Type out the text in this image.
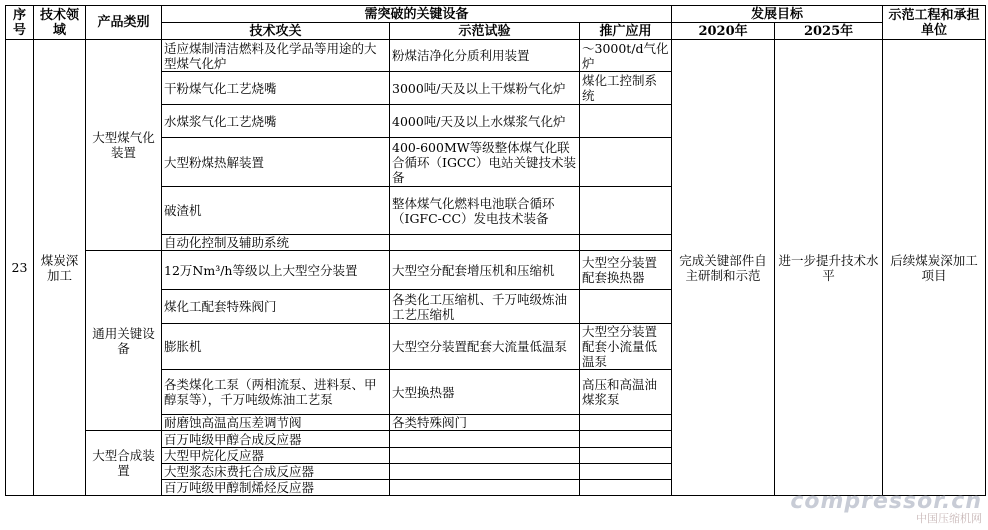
序号	技术领域	产品类别	需突破的关键设备			发展目标		示范工程和承担单位
			技术攻关	示范试验	推广应用	2020年	2025年	
23	煤炭深加工	大型煤气化装置	适应煤制清洁燃料及化学品等用途的大型煤气化炉	粉煤洁净化分质利用装置	～3000t/d气化炉	完成关键部件自主研制和示范	进一步提升技术水平	后续煤炭深加工项目
			干粉煤气化工艺烧嘴	3000吨/天及以上干煤粉气化炉	煤化工控制系统			
			水煤浆气化工艺烧嘴	4000吨/天及以上水煤浆气化炉				
			大型粉煤热解装置	400-600MW等级整体煤气化联合循环（IGCC）电站关键技术装备				
			破渣机	整体煤气化燃料电池联合循环（IGFC-CC）发电技术装备				
			自动化控制及辅助系统					
		通用关键设备	12万Nm³/h等级以上大型空分装置	大型空分配套增压机和压缩机	大型空分装置配套换热器			
			煤化工配套特殊阀门	各类化工压缩机、千万吨级炼油工艺压缩机				
			膨胀机	大型空分装置配套大流量低温泵	大型空分装置配套小流量低温泵			
			各类煤化工泵（两相流泵、进料泵、甲醇泵等），千万吨级炼油工艺泵	大型换热器	高压和高温油煤浆泵			
			耐磨蚀高温高压差调节阀	各类特殊阀门				
		大型合成装置	百万吨级甲醇合成反应器					
			大型甲烷化反应器					
			大型浆态床费托合成反应器					
			百万吨级甲醇制烯烃反应器					
compressor.cn
中国压缩机网
